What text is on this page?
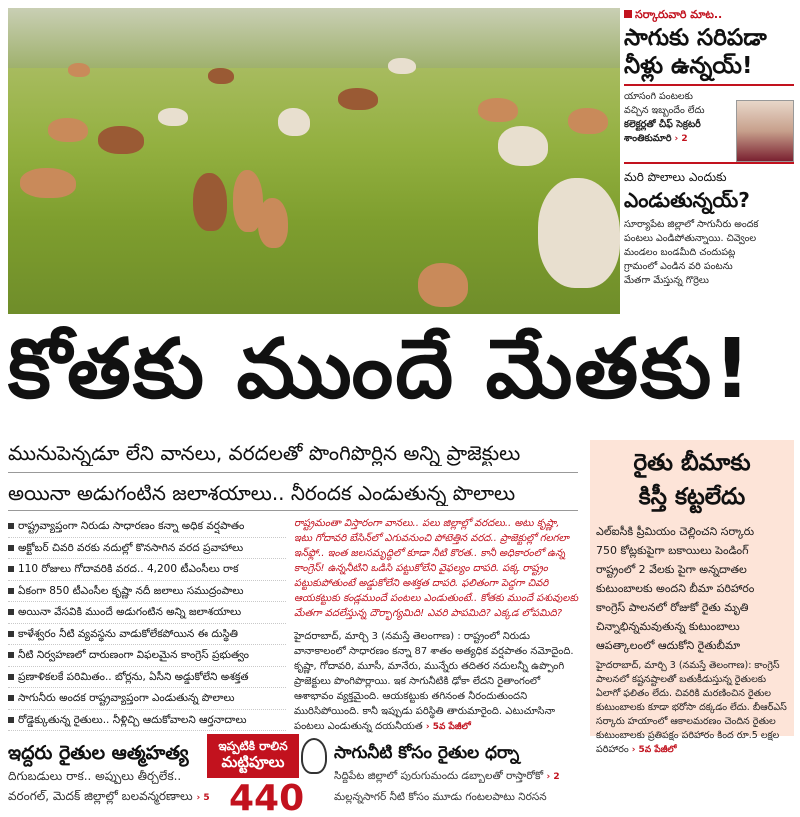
సర్కారువారి మాట..
సాగుకు సరిపడా
నీళ్లు ఉన్నయ్!
యాసంగి పంటలకు
వచ్చిన ఇబ్బందేం లేదు
కలెక్టర్లతో చీఫ్ సెక్రటరీ
శాంతికుమారి › 2
మరి పొలాలు ఎందుకు
ఎండుతున్నయ్?
సూర్యాపేట జిల్లాలో సాగునీరు అందక
పంటలు ఎండిపోతున్నాయి. చివ్వెంల
మండలం బండమీది చందుపట్ల
గ్రామంలో ఎండిన వరి పంటను
మేతగా మేస్తున్న గొర్రెలు
కోతకు ముందే మేతకు!
మునుపెన్నడూ లేని వానలు, వరదలతో పొంగిపొర్లిన అన్ని ప్రాజెక్టులు
అయినా అడుగంటిన జలాశయాలు.. నీరందక ఎండుతున్న పొలాలు
రాష్ట్రవ్యాప్తంగా నిరుడు సాధారణం కన్నా అధిక వర్షపాతం
అక్టోబర్ చివరి వరకు నదుల్లో కొనసాగిన వరద ప్రవాహాలు
110 రోజులు గోదావరికి వరద.. 4,200 టీఎంసీలు రాక
ఏకంగా 850 టీఎంసీల కృష్ణా నదీ జలాలు సముద్రంపాలు
అయినా వేసవికి ముందే అడుగంటిన అన్ని జలాశయాలు
కాళేశ్వరం నీటి వ్యవస్థను వాడుకోలేకపోయిన ఈ దుస్థితి
నీటి నిర్వహణలో దారుణంగా విఫలమైన కాంగ్రెస్ ప్రభుత్వం
ప్రణాళికలకే పరిమితం.. బోర్లను, ఏసీని అడ్డుకోలేని అశక్తత
సాగునీరు అందక రాష్ట్రవ్యాప్తంగా ఎండుతున్న పొలాలు
రోడ్డెక్కుతున్న రైతులు.. నీళ్లిచ్చి ఆదుకోవాలని ఆర్తనాదాలు
రాష్ట్రమంతా విస్తారంగా వానలు.. పలు జిల్లాల్లో వరదలు.. అటు కృష్ణా, ఇటు గోదావరి బేసిన్‌లో ఎగువనుంచి పోటెత్తిన వరద.. ప్రాజెక్టుల్లో గలగలా ఇన్‌ఫ్లో.. ఇంత జలసమృద్ధిలో కూడా నీటి కొరత.. కానీ అధికారంలో ఉన్న కాంగ్రెస్! ఉన్ననీటిని ఒడిసి పట్టుకోలేని వైఫల్యం దాపరి. పక్క రాష్ట్రం పట్టుకుపోతుంటే అడ్డుకోలేని అశక్తత దాపరి. ఫలితంగా పెద్దగా చివరి ఆయకట్టుకు కండ్లముందే పంటలు ఎండుతుంటే.. కోతకు ముందే పశువులకు మేతగా వదలేస్తున్న దౌర్భాగ్యమిది! ఎవరి పాపమిది? ఎక్కడ లోపమిది?
హైదరాబాద్, మార్చి 3 (నమస్తే తెలంగాణ) : రాష్ట్రంలో నిరుడు వానాకాలంలో సాధారణం కన్నా 87 శాతం అత్యధిక వర్షపాతం నమోదైంది. కృష్ణా, గోదావరి, మూసీ, మానేరు, మున్నేరు తదితర నదులన్నీ ఉప్పొంగి ప్రాజెక్టులు పొంగిపొర్లాయి. ఇక సాగునీటికి ఢోకా లేదని రైతాంగంలో ఆశాభావం వ్యక్తమైంది. ఆయకట్టుకు తగినంత నీరందుతుందని మురిసిపోయింది. కానీ ఇప్పుడు పరిస్థితి తారుమారైంది. ఎటుచూసినా పంటలు ఎండుతున్న దయనీయత › 5వ పేజీలో
రైతు బీమాకు
కిస్తీ కట్టలేదు
ఎల్‌ఐసీకి ప్రీమియం చెల్లించని సర్కారు
750 కోట్లకుపైగా బకాయిలు పెండింగ్
రాష్ట్రంలో 2 వేలకు పైగా అన్నదాతల
కుటుంబాలకు అందని బీమా పరిహారం
కాంగ్రెస్ పాలనలో రోజుకో రైతు మృతి
చిన్నాభిన్నమవుతున్న కుటుంబాలు
ఆపత్కాలంలో ఆదుకోని రైతుబీమా
హైదరాబాద్, మార్చి 3 (నమస్తే తెలంగాణ): కాంగ్రెస్ పాలనలో కష్టనష్టాలతో బతుకీడుస్తున్న రైతులకు ఏలాగో ఫలితం లేదు. చివరికి మరణించిన రైతుల కుటుంబాలకు కూడా భరోసా దక్కడం లేదు. బీఆర్‌ఎస్ సర్కారు హయాంలో ఆకాలమరణం చెందిన రైతుల కుటుంబాలకు ప్రతిపక్షం పరిహారం కింద రూ.5 లక్షల పరిహారం › 5వ పేజీలో
ఇద్దరు రైతుల ఆత్మహత్య
దిగుబడులు రాక.. అప్పులు తీర్చలేక..
వరంగల్, మెదక్ జిల్లాల్లో బలవన్మరణాలు › 5
ఇప్పటికి రాలిన
మట్టిపూలు
440
సాగునీటి కోసం రైతుల ధర్నా
సిద్దిపేట జిల్లాలో పురుగుమందు డబ్బాలతో రాస్తారోకో › 2
మల్లన్నసాగర్ నీటి కోసం మూడు గంటలపాటు నిరసన
